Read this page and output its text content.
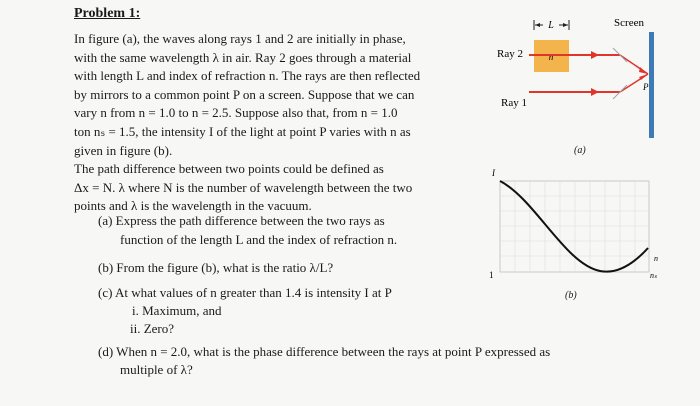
Problem 1:
In figure (a), the waves along rays 1 and 2 are initially in phase,
with the same wavelength λ in air. Ray 2 goes through a material
with length L and index of refraction n. The rays are then reflected
by mirrors to a common point P on a screen. Suppose that we can
vary n from n = 1.0 to n = 2.5. Suppose also that, from n = 1.0
ton nₛ = 1.5, the intensity I of the light at point P varies with n as
given in figure (b).
The path difference between two points could be defined as
Δx = N. λ where N is the number of wavelength between the two
points and λ is the wavelength in the vacuum.
(a) Express the path difference between the two rays as
function of the length L and the index of refraction n.
(b) From the figure (b), what is the ratio λ/L?
(c) At what values of n greater than 1.4 is intensity I at P
i. Maximum, and
ii. Zero?
(d) When n = 2.0, what is the phase difference between the rays at point P expressed as
multiple of λ?
L
n
Ray 2
Ray 1
Screen
P
(a)
I
1
n
nₛ
(b)
